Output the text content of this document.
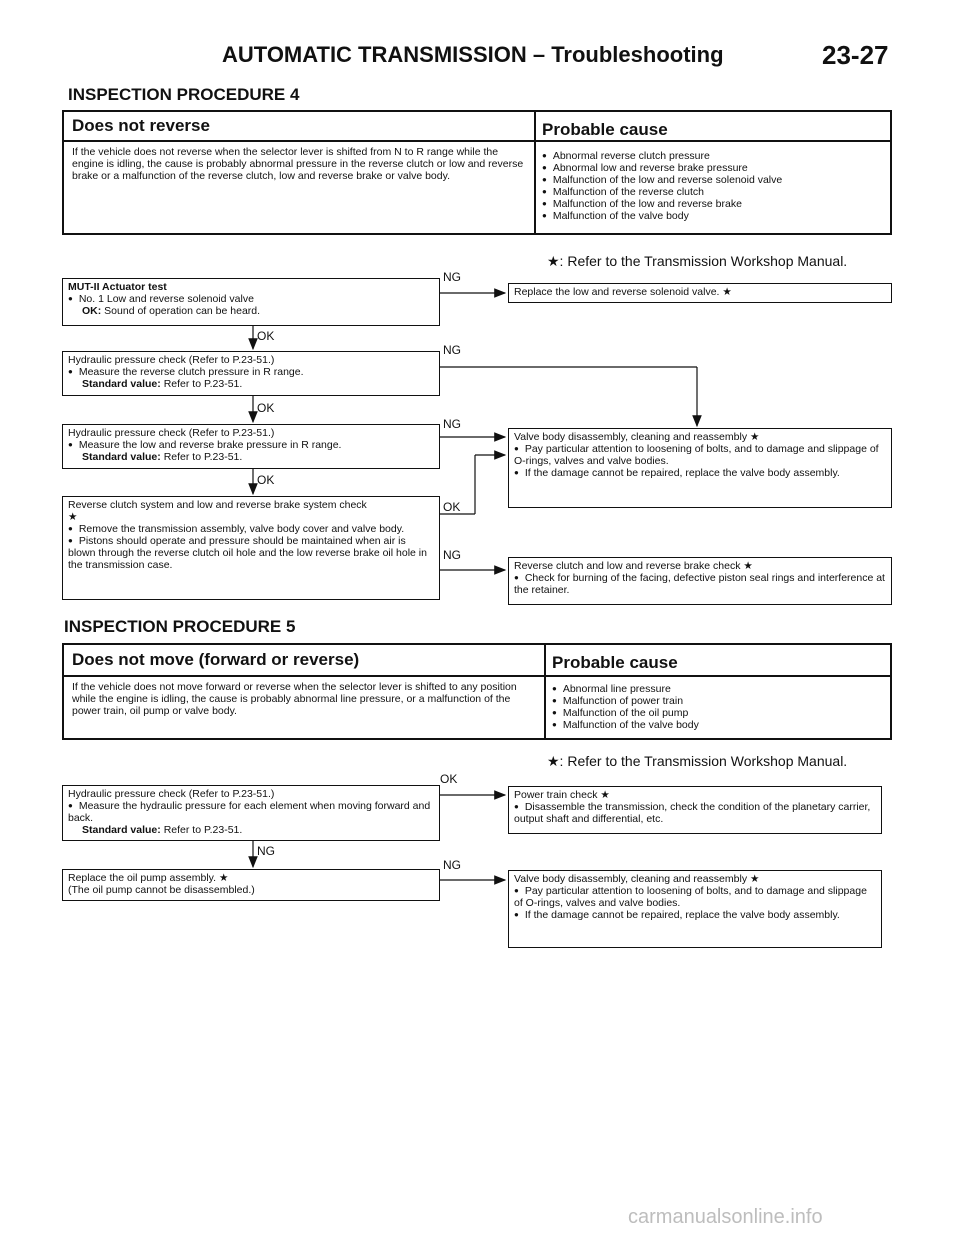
AUTOMATIC TRANSMISSION – Troubleshooting	23-27
INSPECTION PROCEDURE 4
Does not reverse	Probable cause
If the vehicle does not reverse when the selector lever is shifted from N to R range while the engine is idling, the cause is probably abnormal pressure in the reverse clutch or low and reverse brake or a malfunction of the reverse clutch, low and reverse brake or valve body.
● Abnormal reverse clutch pressure
● Abnormal low and reverse brake pressure
● Malfunction of the low and reverse solenoid valve
● Malfunction of the reverse clutch
● Malfunction of the low and reverse brake
● Malfunction of the valve body
★: Refer to the Transmission Workshop Manual.
MUT-II Actuator test
● No. 1 Low and reverse solenoid valve
OK: Sound of operation can be heard.
Hydraulic pressure check (Refer to P.23-51.)
● Measure the reverse clutch pressure in R range.
Standard value: Refer to P.23-51.
Hydraulic pressure check (Refer to P.23-51.)
● Measure the low and reverse brake pressure in R range.
Standard value: Refer to P.23-51.
Reverse clutch system and low and reverse brake system check
★
● Remove the transmission assembly, valve body cover and valve body.
● Pistons should operate and pressure should be maintained when air is blown through the reverse clutch oil hole and the low reverse brake oil hole in the transmission case.
Replace the low and reverse solenoid valve. ★
Valve body disassembly, cleaning and reassembly ★
● Pay particular attention to loosening of bolts, and to damage and slippage of O-rings, valves and valve bodies.
● If the damage cannot be repaired, replace the valve body assembly.
Reverse clutch and low and reverse brake check ★
● Check for burning of the facing, defective piston seal rings and interference at the retainer.
NG
OK
NG
OK
NG
OK
OK
NG
INSPECTION PROCEDURE 5
Does not move (forward or reverse)	Probable cause
If the vehicle does not move forward or reverse when the selector lever is shifted to any position while the engine is idling, the cause is probably abnormal line pressure, or a malfunction of the power train, oil pump or valve body.
● Abnormal line pressure
● Malfunction of power train
● Malfunction of the oil pump
● Malfunction of the valve body
★: Refer to the Transmission Workshop Manual.
Hydraulic pressure check (Refer to P.23-51.)
● Measure the hydraulic pressure for each element when moving forward and back.
Standard value: Refer to P.23-51.
Replace the oil pump assembly. ★
(The oil pump cannot be disassembled.)
Power train check ★
● Disassemble the transmission, check the condition of the planetary carrier, output shaft and differential, etc.
Valve body disassembly, cleaning and reassembly ★
● Pay particular attention to loosening of bolts, and to damage and slippage of O-rings, valves and valve bodies.
● If the damage cannot be repaired, replace the valve body assembly.
OK
NG
NG
carmanualsonline.info
